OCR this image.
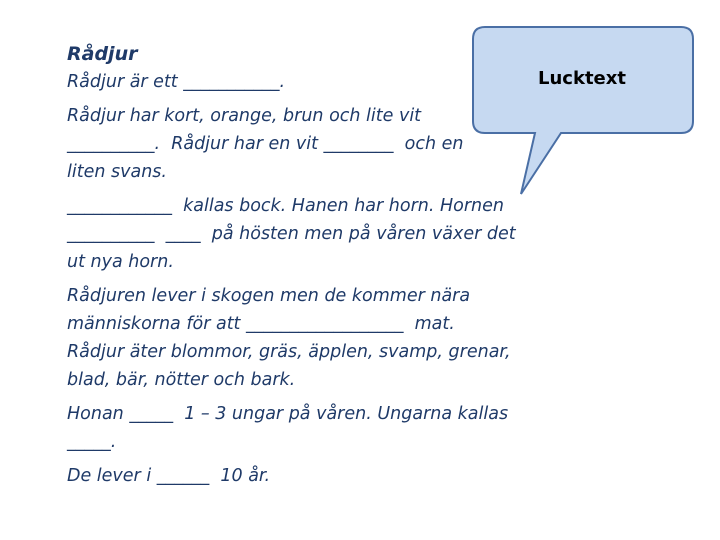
Rådjur
Rådjur är ett ___________.
Rådjur har kort, orange, brun och lite vit
__________.  Rådjur har en vit ________  och en
liten svans.
____________  kallas bock. Hanen har horn. Hornen
__________  ____  på hösten men på våren växer det
ut nya horn.
Rådjuren lever i skogen men de kommer nära
människorna för att __________________  mat.
Rådjur äter blommor, gräs, äpplen, svamp, grenar,
blad, bär, nötter och bark.
Honan _____  1 – 3 ungar på våren. Ungarna kallas
_____.
De lever i ______  10 år.
Lucktext
